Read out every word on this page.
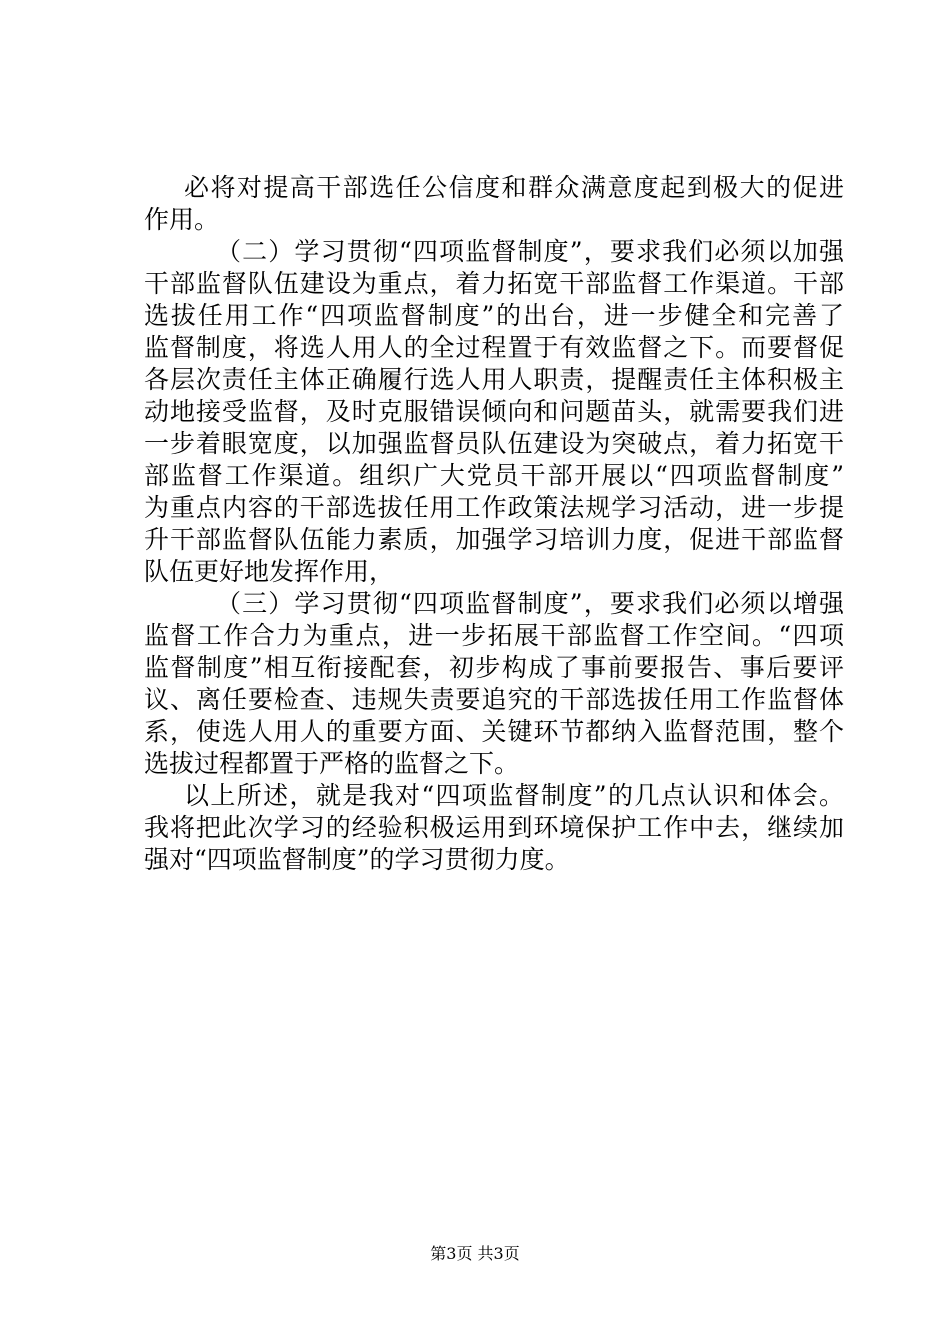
必将对提高干部选任公信度和群众满意度起到极大的促进
作用。
（二）学习贯彻“四项监督制度”，要求我们必须以加强
干部监督队伍建设为重点，着力拓宽干部监督工作渠道。干部
选拔任用工作“四项监督制度”的出台，进一步健全和完善了
监督制度，将选人用人的全过程置于有效监督之下。而要督促
各层次责任主体正确履行选人用人职责，提醒责任主体积极主
动地接受监督，及时克服错误倾向和问题苗头，就需要我们进
一步着眼宽度，以加强监督员队伍建设为突破点，着力拓宽干
部监督工作渠道。组织广大党员干部开展以“四项监督制度”
为重点内容的干部选拔任用工作政策法规学习活动，进一步提
升干部监督队伍能力素质，加强学习培训力度，促进干部监督
队伍更好地发挥作用，
（三）学习贯彻“四项监督制度”，要求我们必须以增强
监督工作合力为重点，进一步拓展干部监督工作空间。“四项
监督制度”相互衔接配套，初步构成了事前要报告、事后要评
议、离任要检查、违规失责要追究的干部选拔任用工作监督体
系，使选人用人的重要方面、关键环节都纳入监督范围，整个
选拔过程都置于严格的监督之下。
以上所述，就是我对“四项监督制度”的几点认识和体会。
我将把此次学习的经验积极运用到环境保护工作中去，继续加
强对“四项监督制度”的学习贯彻力度。
第3页 共3页
